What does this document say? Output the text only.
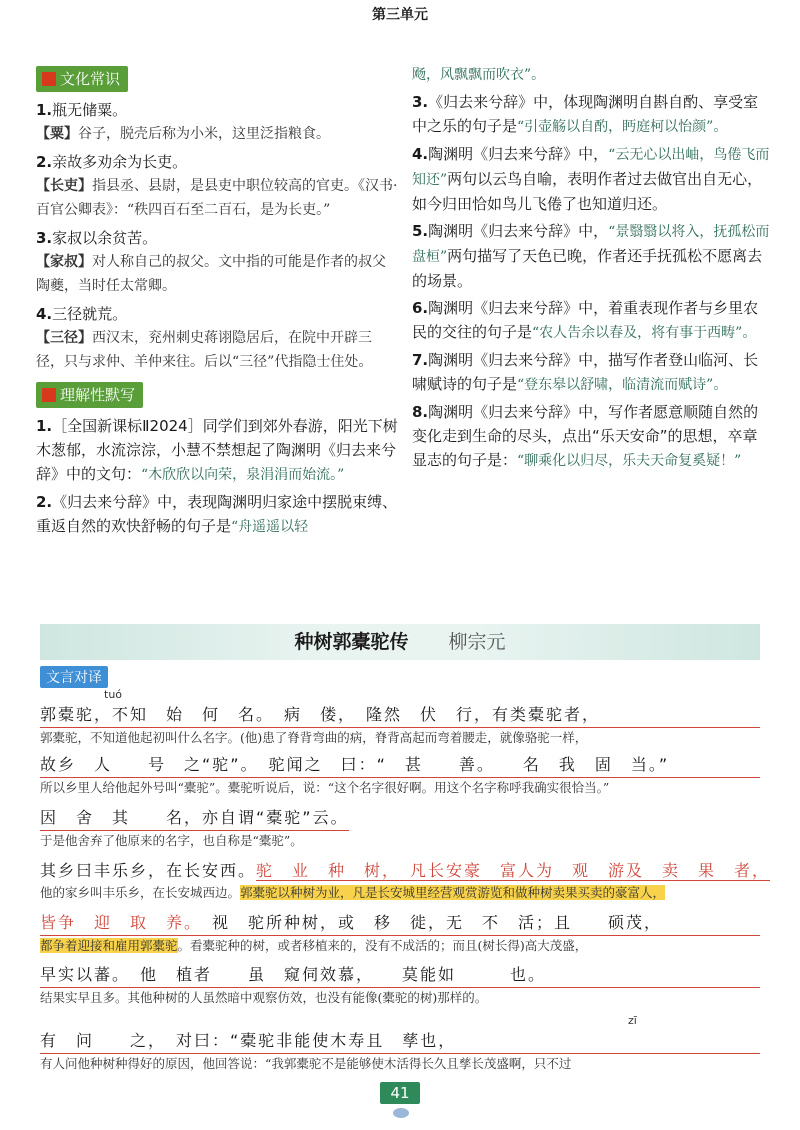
第三单元
文化常识
1.瓶无储粟。
【粟】谷子，脱壳后称为小米，这里泛指粮食。
2.亲故多劝余为长吏。
【长吏】指县丞、县尉，是县吏中职位较高的官吏。《汉书·百官公卿表》：“秩四百石至二百石，是为长吏。”
3.家叔以余贫苦。
【家叔】对人称自己的叔父。文中指的可能是作者的叔父陶夔，当时任太常卿。
4.三径就荒。
【三径】西汉末，兖州刺史蒋诩隐居后，在院中开辟三径，只与求仲、羊仲来往。后以“三径”代指隐士住处。
理解性默写
1.［全国新课标Ⅱ2024］同学们到郊外春游，阳光下树木葱郁，水流淙淙，小慧不禁想起了陶渊明《归去来兮辞》中的文句：“木欣欣以向荣，泉涓涓而始流。”
2.《归去来兮辞》中，表现陶渊明归家途中摆脱束缚、重返自然的欢快舒畅的句子是“舟遥遥以轻
飏，风飘飘而吹衣”。
3.《归去来兮辞》中，体现陶渊明自斟自酌、享受室中之乐的句子是“引壶觞以自酌，眄庭柯以怡颜”。
4.陶渊明《归去来兮辞》中，“云无心以出岫，鸟倦飞而知还”两句以云鸟自喻，表明作者过去做官出自无心，如今归田恰如鸟儿飞倦了也知道归还。
5.陶渊明《归去来兮辞》中，“景翳翳以将入，抚孤松而盘桓”两句描写了天色已晚，作者还手抚孤松不愿离去的场景。
6.陶渊明《归去来兮辞》中，着重表现作者与乡里农民的交往的句子是“农人告余以春及，将有事于西畴”。
7.陶渊明《归去来兮辞》中，描写作者登山临河、长啸赋诗的句子是“登东皋以舒啸，临清流而赋诗”。
8.陶渊明《归去来兮辞》中，写作者愿意顺随自然的变化走到生命的尽头，点出“乐天安命”的思想，卒章显志的句子是：“聊乘化以归尽，乐夫天命复奚疑！”
种树郭橐驼传 柳宗元
文言对译
tuó
郭橐驼，不知　始　何　名。　病　偻，　隆然　伏　行，有类橐驼者，
郭橐驼，不知道他起初叫什么名字。(他)患了脊背弯曲的病，脊背高起而弯着腰走，就像骆驼一样，
故乡　人　　号　之“驼”。　驼闻之　曰：“　甚　　善。　　名　我　固　当。”
所以乡里人给他起外号叫“橐驼”。橐驼听说后，说：“这个名字很好啊。用这个名字称呼我确实很恰当。”
因　舍　其　　名，亦自谓“橐驼”云。
于是他舍弃了他原来的名字，也自称是“橐驼”。
其乡曰丰乐乡，在长安西。驼　业　种　树，　凡长安豪　富人为　观　游及　卖　果　者，
他的家乡叫丰乐乡，在长安城西边。郭橐驼以种树为业，凡是长安城里经营观赏游览和做种树卖果买卖的豪富人，
皆争　迎　取　养。　视　驼所种树，或　移　徙，无　不　活；且　　硕茂，
都争着迎接和雇用郭橐驼。看橐驼种的树，或者移植来的，没有不成活的；而且(树长得)高大茂盛，
早实以蕃。　他　植者　　虽　窥伺效慕，　　莫能如　　　也。
结果实早且多。其他种树的人虽然暗中观察仿效，也没有能像(橐驼的树)那样的。
zī
有　问　　之，　对曰：“橐驼非能使木寿且　孳也，
有人问他种树种得好的原因，他回答说：“我郭橐驼不是能够使木活得长久且孳长茂盛啊，只不过
41
